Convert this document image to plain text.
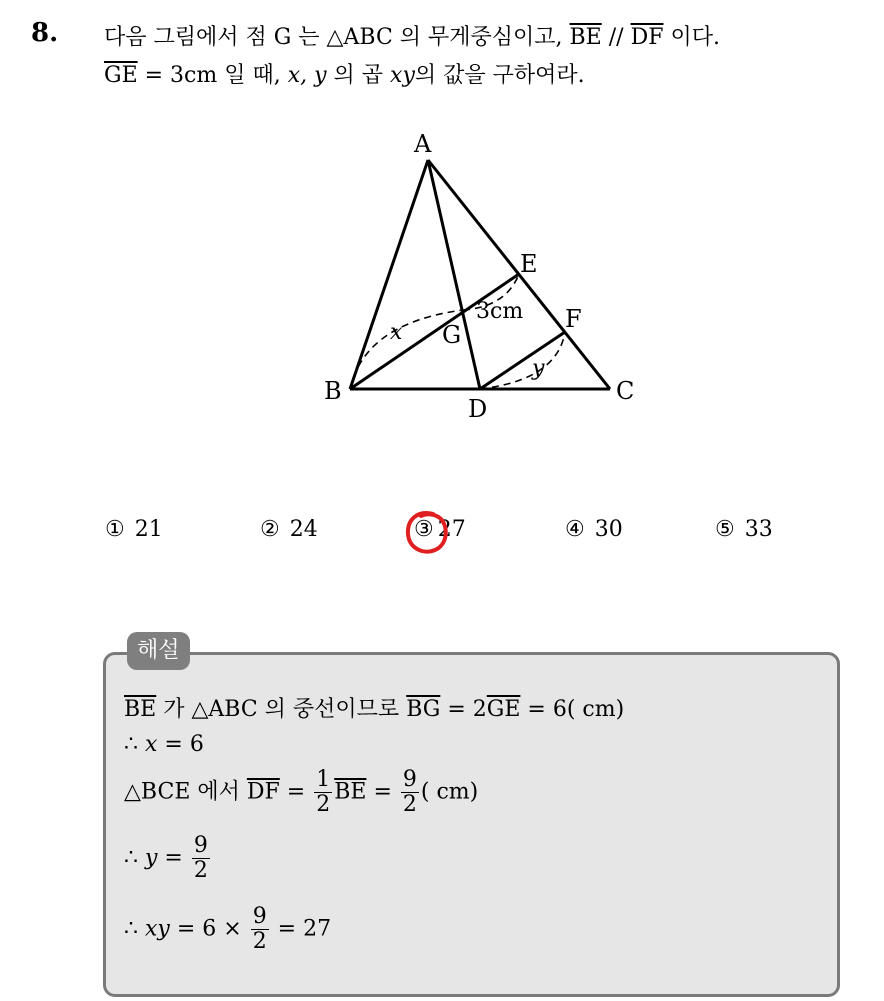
8. 다음 그림에서 점 G 는 △ABC 의 무게중심이고, $\overline{BE} // \overline{DF}$ 이다.
$\overline{GE} = 3cm$ 일 때, x, y 의 곱 xy의 값을 구하여라.
A
B	C
D
E
F
G
x
y
3cm
① 21	② 24	③ 27	④ 30	⑤ 33
해설
$\overline{BE}$ 가 △ABC 의 중선이므로 $\overline{BG} = 2\overline{GE} = 6$( cm)
∴ x = 6
△BCE 에서 $\overline{DF} = \frac{1}{2} \overline{BE} = \frac{9}{2}$ ( cm)
∴ $y = \frac{9}{2}$
∴ xy = $6 \times \frac{9}{2} = 27$
